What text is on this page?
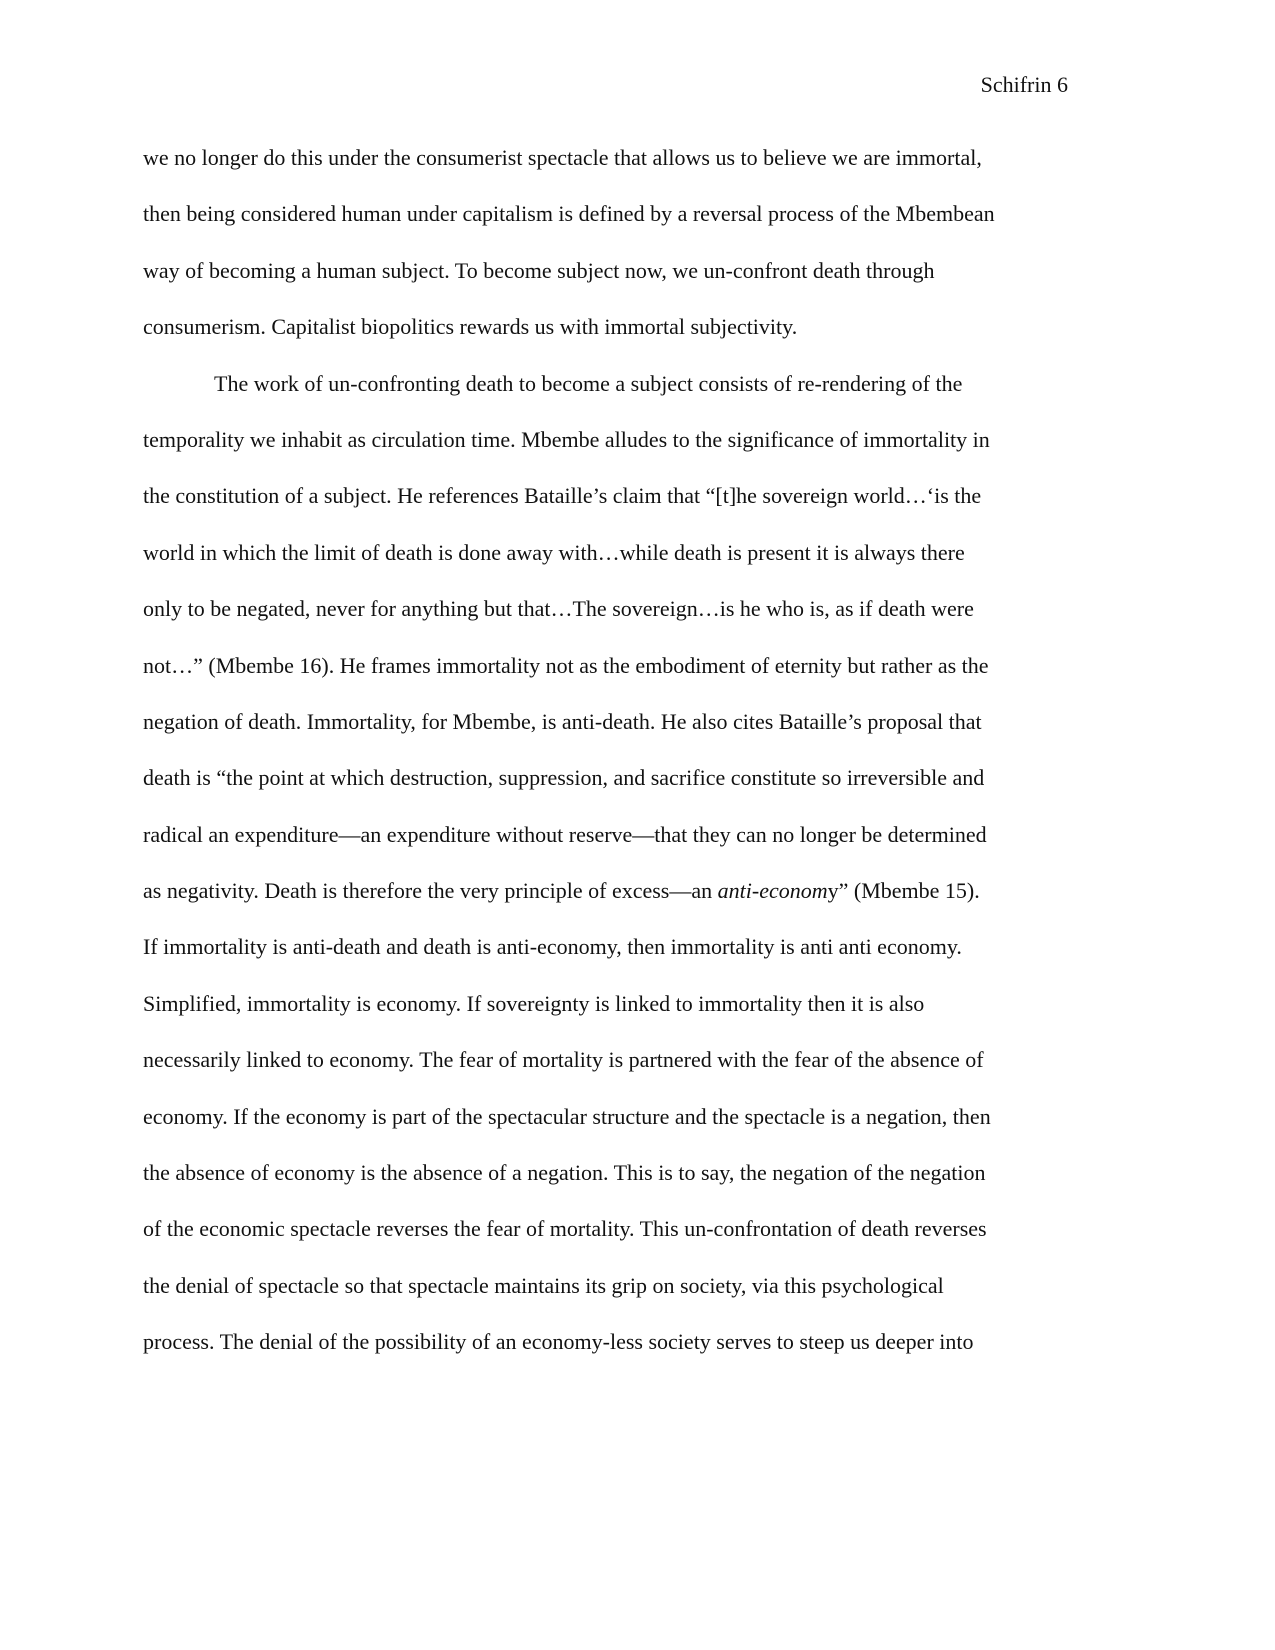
Schifrin 6
we no longer do this under the consumerist spectacle that allows us to believe we are immortal,
then being considered human under capitalism is defined by a reversal process of the Mbembean
way of becoming a human subject. To become subject now, we un-confront death through
consumerism. Capitalist biopolitics rewards us with immortal subjectivity.
The work of un-confronting death to become a subject consists of re-rendering of the
temporality we inhabit as circulation time. Mbembe alludes to the significance of immortality in
the constitution of a subject. He references Bataille’s claim that “[t]he sovereign world…‘is the
world in which the limit of death is done away with…while death is present it is always there
only to be negated, never for anything but that…The sovereign…is he who is, as if death were
not…” (Mbembe 16). He frames immortality not as the embodiment of eternity but rather as the
negation of death. Immortality, for Mbembe, is anti-death. He also cites Bataille’s proposal that
death is “the point at which destruction, suppression, and sacrifice constitute so irreversible and
radical an expenditure—an expenditure without reserve—that they can no longer be determined
as negativity. Death is therefore the very principle of excess—an anti-economy” (Mbembe 15).
If immortality is anti-death and death is anti-economy, then immortality is anti anti economy.
Simplified, immortality is economy. If sovereignty is linked to immortality then it is also
necessarily linked to economy. The fear of mortality is partnered with the fear of the absence of
economy. If the economy is part of the spectacular structure and the spectacle is a negation, then
the absence of economy is the absence of a negation. This is to say, the negation of the negation
of the economic spectacle reverses the fear of mortality. This un-confrontation of death reverses
the denial of spectacle so that spectacle maintains its grip on society, via this psychological
process. The denial of the possibility of an economy-less society serves to steep us deeper into
